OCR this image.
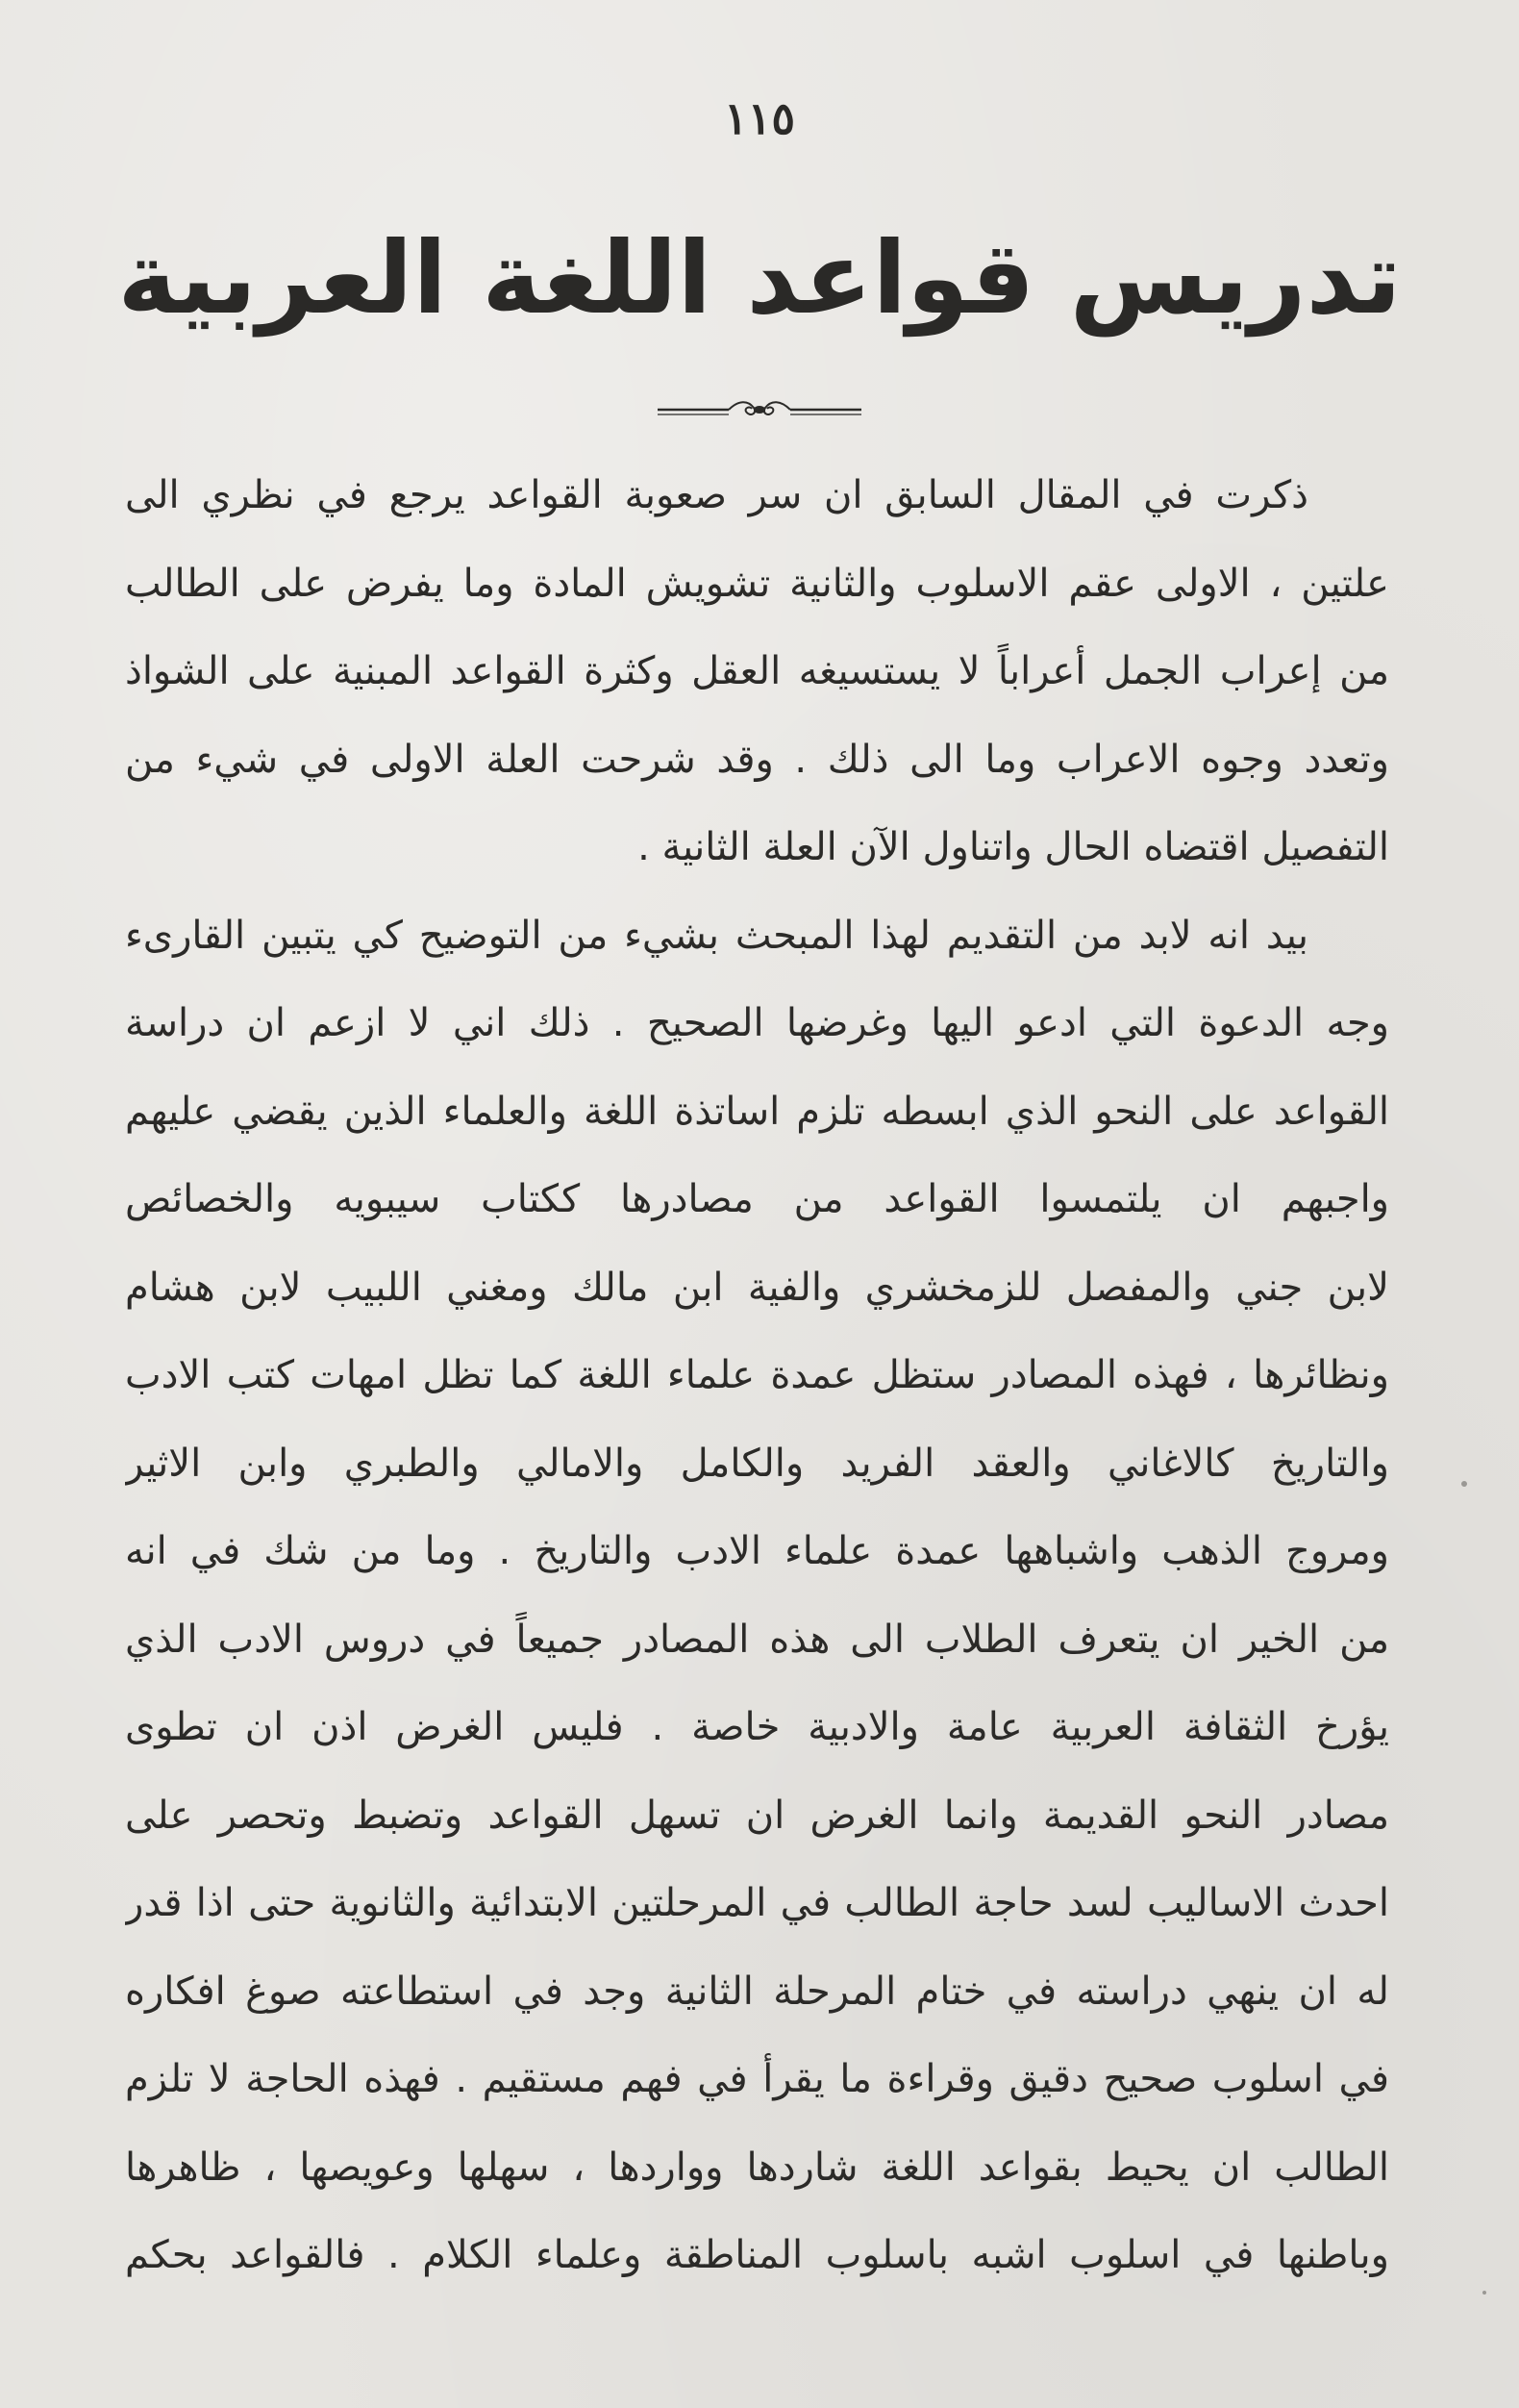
١١٥
تدريس قواعد اللغة العربية
ذكرت في المقال السابق ان سر صعوبة القواعد يرجع في نظري الى
علتين ، الاولى عقم الاسلوب والثانية تشويش المادة وما يفرض على الطالب
من إعراب الجمل أعراباً لا يستسيغه العقل وكثرة القواعد المبنية على الشواذ
وتعدد وجوه الاعراب وما الى ذلك . وقد شرحت العلة الاولى في شيء من
التفصيل اقتضاه الحال واتناول الآن العلة الثانية .
بيد انه لابد من التقديم لهذا المبحث بشيء من التوضيح كي يتبين القارىء
وجه الدعوة التي ادعو اليها وغرضها الصحيح . ذلك اني لا ازعم ان دراسة
القواعد على النحو الذي ابسطه تلزم اساتذة اللغة والعلماء الذين يقضي عليهم
واجبهم ان يلتمسوا القواعد من مصادرها ككتاب سيبويه والخصائص
لابن جني والمفصل للزمخشري والفية ابن مالك ومغني اللبيب لابن هشام
ونظائرها ، فهذه المصادر ستظل عمدة علماء اللغة كما تظل امهات كتب الادب
والتاريخ كالاغاني والعقد الفريد والكامل والامالي والطبري وابن الاثير
ومروج الذهب واشباهها عمدة علماء الادب والتاريخ . وما من شك في انه
من الخير ان يتعرف الطلاب الى هذه المصادر جميعاً في دروس الادب الذي
يؤرخ الثقافة العربية عامة والادبية خاصة . فليس الغرض اذن ان تطوى
مصادر النحو القديمة وانما الغرض ان تسهل القواعد وتضبط وتحصر على
احدث الاساليب لسد حاجة الطالب في المرحلتين الابتدائية والثانوية حتى اذا قدر
له ان ينهي دراسته في ختام المرحلة الثانية وجد في استطاعته صوغ افكاره
في اسلوب صحيح دقيق وقراءة ما يقرأ في فهم مستقيم . فهذه الحاجة لا تلزم
الطالب ان يحيط بقواعد اللغة شاردها وواردها ، سهلها وعويصها ، ظاهرها
وباطنها في اسلوب اشبه باسلوب المناطقة وعلماء الكلام . فالقواعد بحكم
